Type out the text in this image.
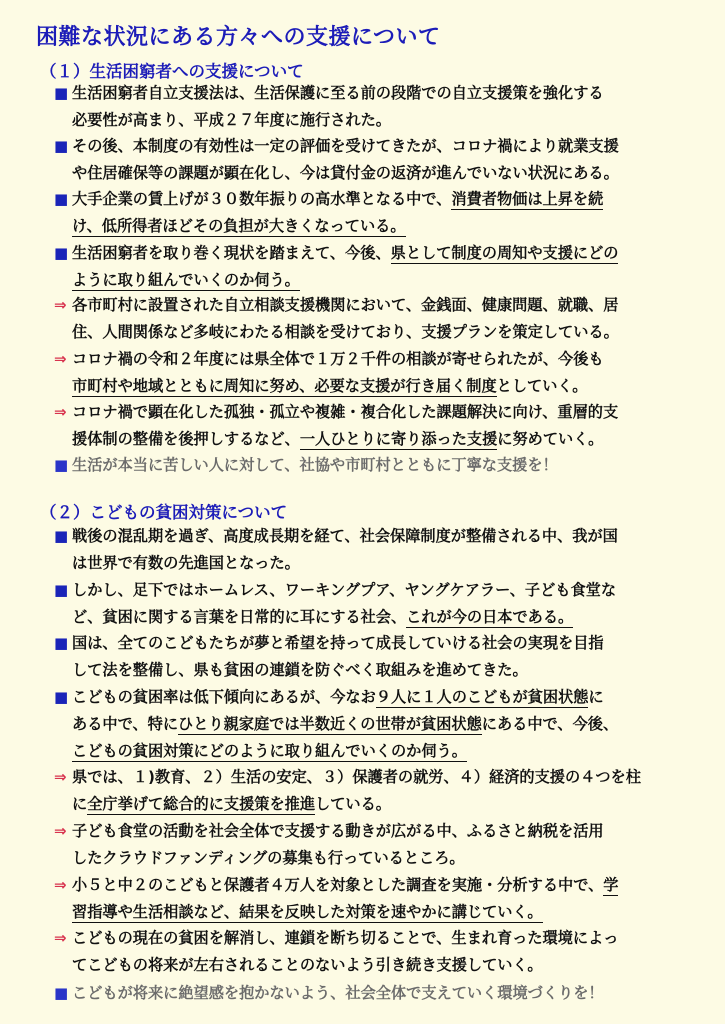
困難な状況にある方々への支援について
（１）生活困窮者への支援について
■ 生活困窮者自立支援法は、生活保護に至る前の段階での自立支援策を強化する
必要性が高まり、平成２７年度に施行された。
■ その後、本制度の有効性は一定の評価を受けてきたが、コロナ禍により就業支援
や住居確保等の課題が顕在化し、今は貸付金の返済が進んでいない状況にある。
■ 大手企業の賃上げが３０数年振りの高水準となる中で、消費者物価は上昇を続
け、低所得者ほどその負担が大きくなっている。
■ 生活困窮者を取り巻く現状を踏まえて、今後、県として制度の周知や支援にどの
ように取り組んでいくのか伺う。
⇒ 各市町村に設置された自立相談支援機関において、金銭面、健康問題、就職、居
住、人間関係など多岐にわたる相談を受けており、支援プランを策定している。
⇒ コロナ禍の令和２年度には県全体で１万２千件の相談が寄せられたが、今後も
市町村や地域とともに周知に努め、必要な支援が行き届く制度としていく。
⇒ コロナ禍で顕在化した孤独・孤立や複雑・複合化した課題解決に向け、重層的支
援体制の整備を後押しするなど、一人ひとりに寄り添った支援に努めていく。
■ 生活が本当に苦しい人に対して、社協や市町村とともに丁寧な支援を！
（２）こどもの貧困対策について
■ 戦後の混乱期を過ぎ、高度成長期を経て、社会保障制度が整備される中、我が国
は世界で有数の先進国となった。
■ しかし、足下ではホームレス、ワーキングプア、ヤングケアラー、子ども食堂な
ど、貧困に関する言葉を日常的に耳にする社会、これが今の日本である。
■ 国は、全てのこどもたちが夢と希望を持って成長していける社会の実現を目指
して法を整備し、県も貧困の連鎖を防ぐべく取組みを進めてきた。
■ こどもの貧困率は低下傾向にあるが、今なお９人に１人のこどもが貧困状態に
ある中で、特にひとり親家庭では半数近くの世帯が貧困状態にある中で、今後、
こどもの貧困対策にどのように取り組んでいくのか伺う。
⇒ 県では、１)教育、２）生活の安定、３）保護者の就労、４）経済的支援の４つを柱
に全庁挙げて総合的に支援策を推進している。
⇒ 子ども食堂の活動を社会全体で支援する動きが広がる中、ふるさと納税を活用
したクラウドファンディングの募集も行っているところ。
⇒ 小５と中２のこどもと保護者４万人を対象とした調査を実施・分析する中で、学
習指導や生活相談など、結果を反映した対策を速やかに講じていく。
⇒ こどもの現在の貧困を解消し、連鎖を断ち切ることで、生まれ育った環境によっ
てこどもの将来が左右されることのないよう引き続き支援していく。
■ こどもが将来に絶望感を抱かないよう、社会全体で支えていく環境づくりを！
